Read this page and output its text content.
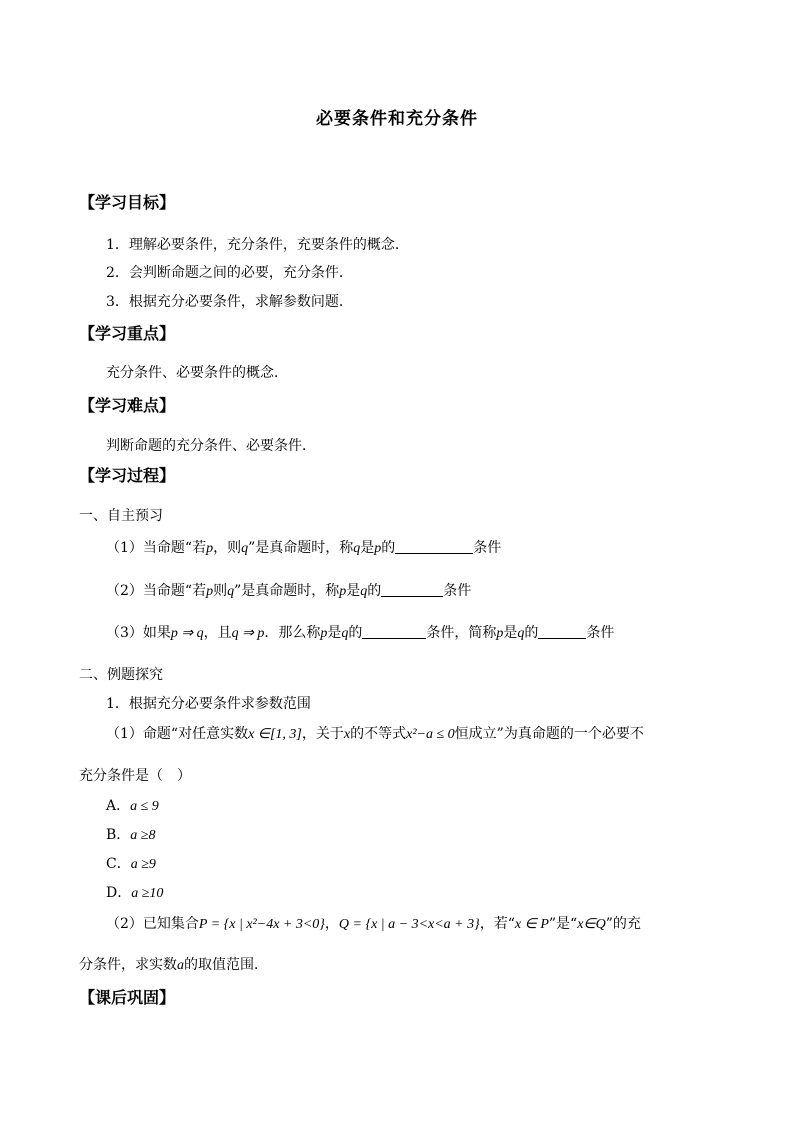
必要条件和充分条件
【学习目标】
1．理解必要条件，充分条件，充要条件的概念．
2．会判断命题之间的必要，充分条件．
3．根据充分必要条件，求解参数问题．
【学习重点】
充分条件、必要条件的概念．
【学习难点】
判断命题的充分条件、必要条件．
【学习过程】
一、自主预习
（1）当命题“若p，则q”是真命题时，称q是p的	条件
（2）当命题“若p则q”是真命题时，称p是q的	条件
（3）如果p ⇒ q，且q ⇒ p．那么称p是q的	条件，简称p是q的	条件
二、例题探究
1．根据充分必要条件求参数范围
（1）命题“对任意实数x ∈[1, 3]，关于x的不等式x²−a ≤ 0恒成立”为真命题的一个必要不
充分条件是（　）
A．a ≤ 9
B．a ≥8
C．a ≥9
D．a ≥10
（2）已知集合P = {x | x²−4x + 3<0}，Q = {x | a − 3<x<a + 3}，若“x ∈ P”是“x∈Q”的充
分条件，求实数a的取值范围．
【课后巩固】
